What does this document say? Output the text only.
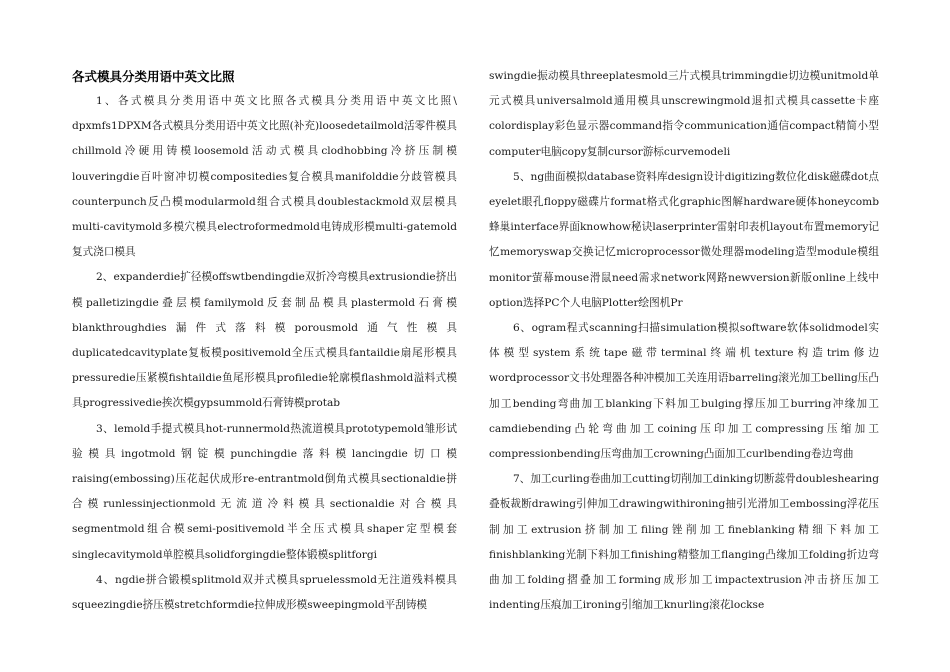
各式模具分类用语中英文比照

1、各式模具分类用语中英文比照各式模具分类用语中英文比照\ dpxmfs1DPXM各式模具分类用语中英文比照(补充)loosedetailmold活零件模具chillmold冷硬用铸模loosemold活动式模具clodhobbing冷挤压制模louveringdie百叶窗冲切模compositedies复合模具manifolddie分歧管模具counterpunch反凸模modularmold组合式模具doublestackmold双层模具multi-cavitymold多模穴模具electroformedmold电铸成形模multi-gatemold复式浇口模具

2、expanderdie扩径模offswtbendingdie双折冷弯模具extrusiondie挤出模palletizingdie叠层模familymold反套制品模具plastermold石膏模blankthroughdies漏件式落料模porousmold通气性模具duplicatedcavityplate复板模positivemold全压式模具fantaildie扇尾形模具pressuredie压紧模fishtaildie鱼尾形模具profiledie轮廓模flashmold溢料式模具progressivedie挨次模gypsummold石膏铸模protab

3、lemold手提式模具hot-runnermold热流道模具prototypemold雏形试验模具ingotmold钢锭模punchingdie落料模lancingdie切口模raising(embossing)压花起伏成形re-entrantmold倒角式模具sectionaldie拼合模runlessinjectionmold无流道冷料模具sectionaldie对合模具segmentmold组合模semi-positivemold半全压式模具shaper定型模套singlecavitymold单腔模具solidforgingdie整体锻模splitforgi

4、ngdie拼合锻模splitmold双并式模具spruelessmold无注道残料模具squeezingdie挤压模stretchformdie拉伸成形模sweepingmold平刮铸模

swingdie振动模具threeplatesmold三片式模具trimmingdie切边模unitmold单元式模具universalmold通用模具unscrewingmold退扣式模具cassette卡座colordisplay彩色显示器command指令communication通信compact精简小型computer电脑copy复制cursor游标curvemodeli

5、ng曲面模拟database资料库design设计digitizing数位化disk磁碟dot点eyelet眼孔floppy磁碟片format格式化graphic图解hardware硬体honeycomb蜂巢interface界面knowhow秘诀laserprinter雷射印表机layout布置memory记忆memoryswap交换记忆microprocessor微处理器modeling造型module模组monitor萤幕mouse滑鼠need需求network网路newversion新版online上线中option选择PC个人电脑Plotter绘图机Pr

6、ogram程式scanning扫描simulation模拟software软体solidmodel实体模型system系统tape磁带terminal终端机texture构造trim修边wordprocessor文书处理器各种冲模加工关连用语barreling滚光加工belling压凸加工bending弯曲加工blanking下料加工bulging撑压加工burring冲缘加工camdiebending凸轮弯曲加工coining压印加工compressing压缩加工compressionbending压弯曲加工crowning凸面加工curlbending卷边弯曲

7、加工curling卷曲加工cutting切削加工dinking切断蕊骨doubleshearing叠板裁断drawing引伸加工drawingwithironing抽引光滑加工embossing浮花压制加工extrusion挤制加工filing锉削加工fineblanking精细下料加工finishblanking光制下料加工finishing精整加工flanging凸缘加工folding折边弯曲加工folding摺叠加工forming成形加工impactextrusion冲击挤压加工indenting压痕加工ironing引缩加工knurling滚花lockse
